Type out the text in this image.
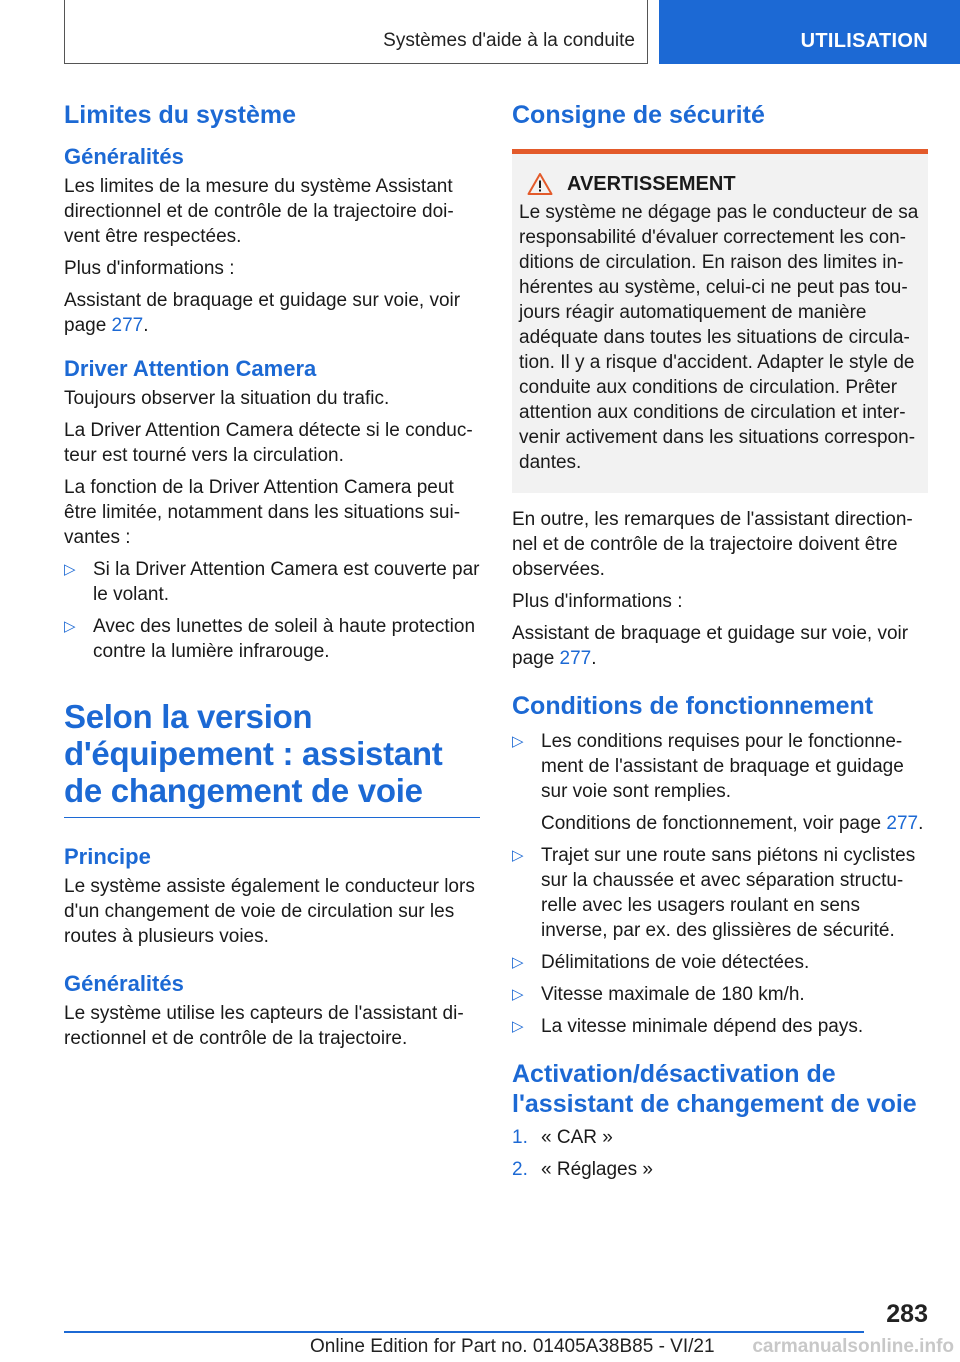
Systèmes d'aide à la conduite	UTILISATION
Limites du système
Généralités

Les limites de la mesure du système Assistant directionnel et de contrôle de la trajectoire doivent être respectées.

Plus d'informations :

Assistant de braquage et guidage sur voie, voir page 277.

Driver Attention Camera

Toujours observer la situation du trafic.

La Driver Attention Camera détecte si le conducteur est tourné vers la circulation.

La fonction de la Driver Attention Camera peut être limitée, notamment dans les situations suivantes :

▷ Si la Driver Attention Camera est couverte par le volant.
▷ Avec des lunettes de soleil à haute protection contre la lumière infrarouge.
Selon la version d'équipement : assistant de changement de voie
Principe

Le système assiste également le conducteur lors d'un changement de voie de circulation sur les routes à plusieurs voies.

Généralités

Le système utilise les capteurs de l'assistant directionnel et de contrôle de la trajectoire.

Consigne de sécurité
AVERTISSEMENT

Le système ne dégage pas le conducteur de sa responsabilité d'évaluer correctement les conditions de circulation. En raison des limites inhérentes au système, celui-ci ne peut pas toujours réagir automatiquement de manière adéquate dans toutes les situations de circulation. Il y a risque d'accident. Adapter le style de conduite aux conditions de circulation. Prêter attention aux conditions de circulation et intervenir activement dans les situations correspondantes.

En outre, les remarques de l'assistant directionnel et de contrôle de la trajectoire doivent être observées.

Plus d'informations :

Assistant de braquage et guidage sur voie, voir page 277.

Conditions de fonctionnement
▷ Les conditions requises pour le fonctionnement de l'assistant de braquage et guidage sur voie sont remplies.
Conditions de fonctionnement, voir page 277.
▷ Trajet sur une route sans piétons ni cyclistes sur la chaussée et avec séparation structurelle avec les usagers roulant en sens inverse, par ex. des glissières de sécurité.
▷ Délimitations de voie détectées.
▷ Vitesse maximale de 180 km/h.
▷ La vitesse minimale dépend des pays.
Activation/désactivation de l'assistant de changement de voie
1. « CAR »
2. « Réglages »
283
Online Edition for Part no. 01405A38B85 - VI/21 carmanualsonline.info
